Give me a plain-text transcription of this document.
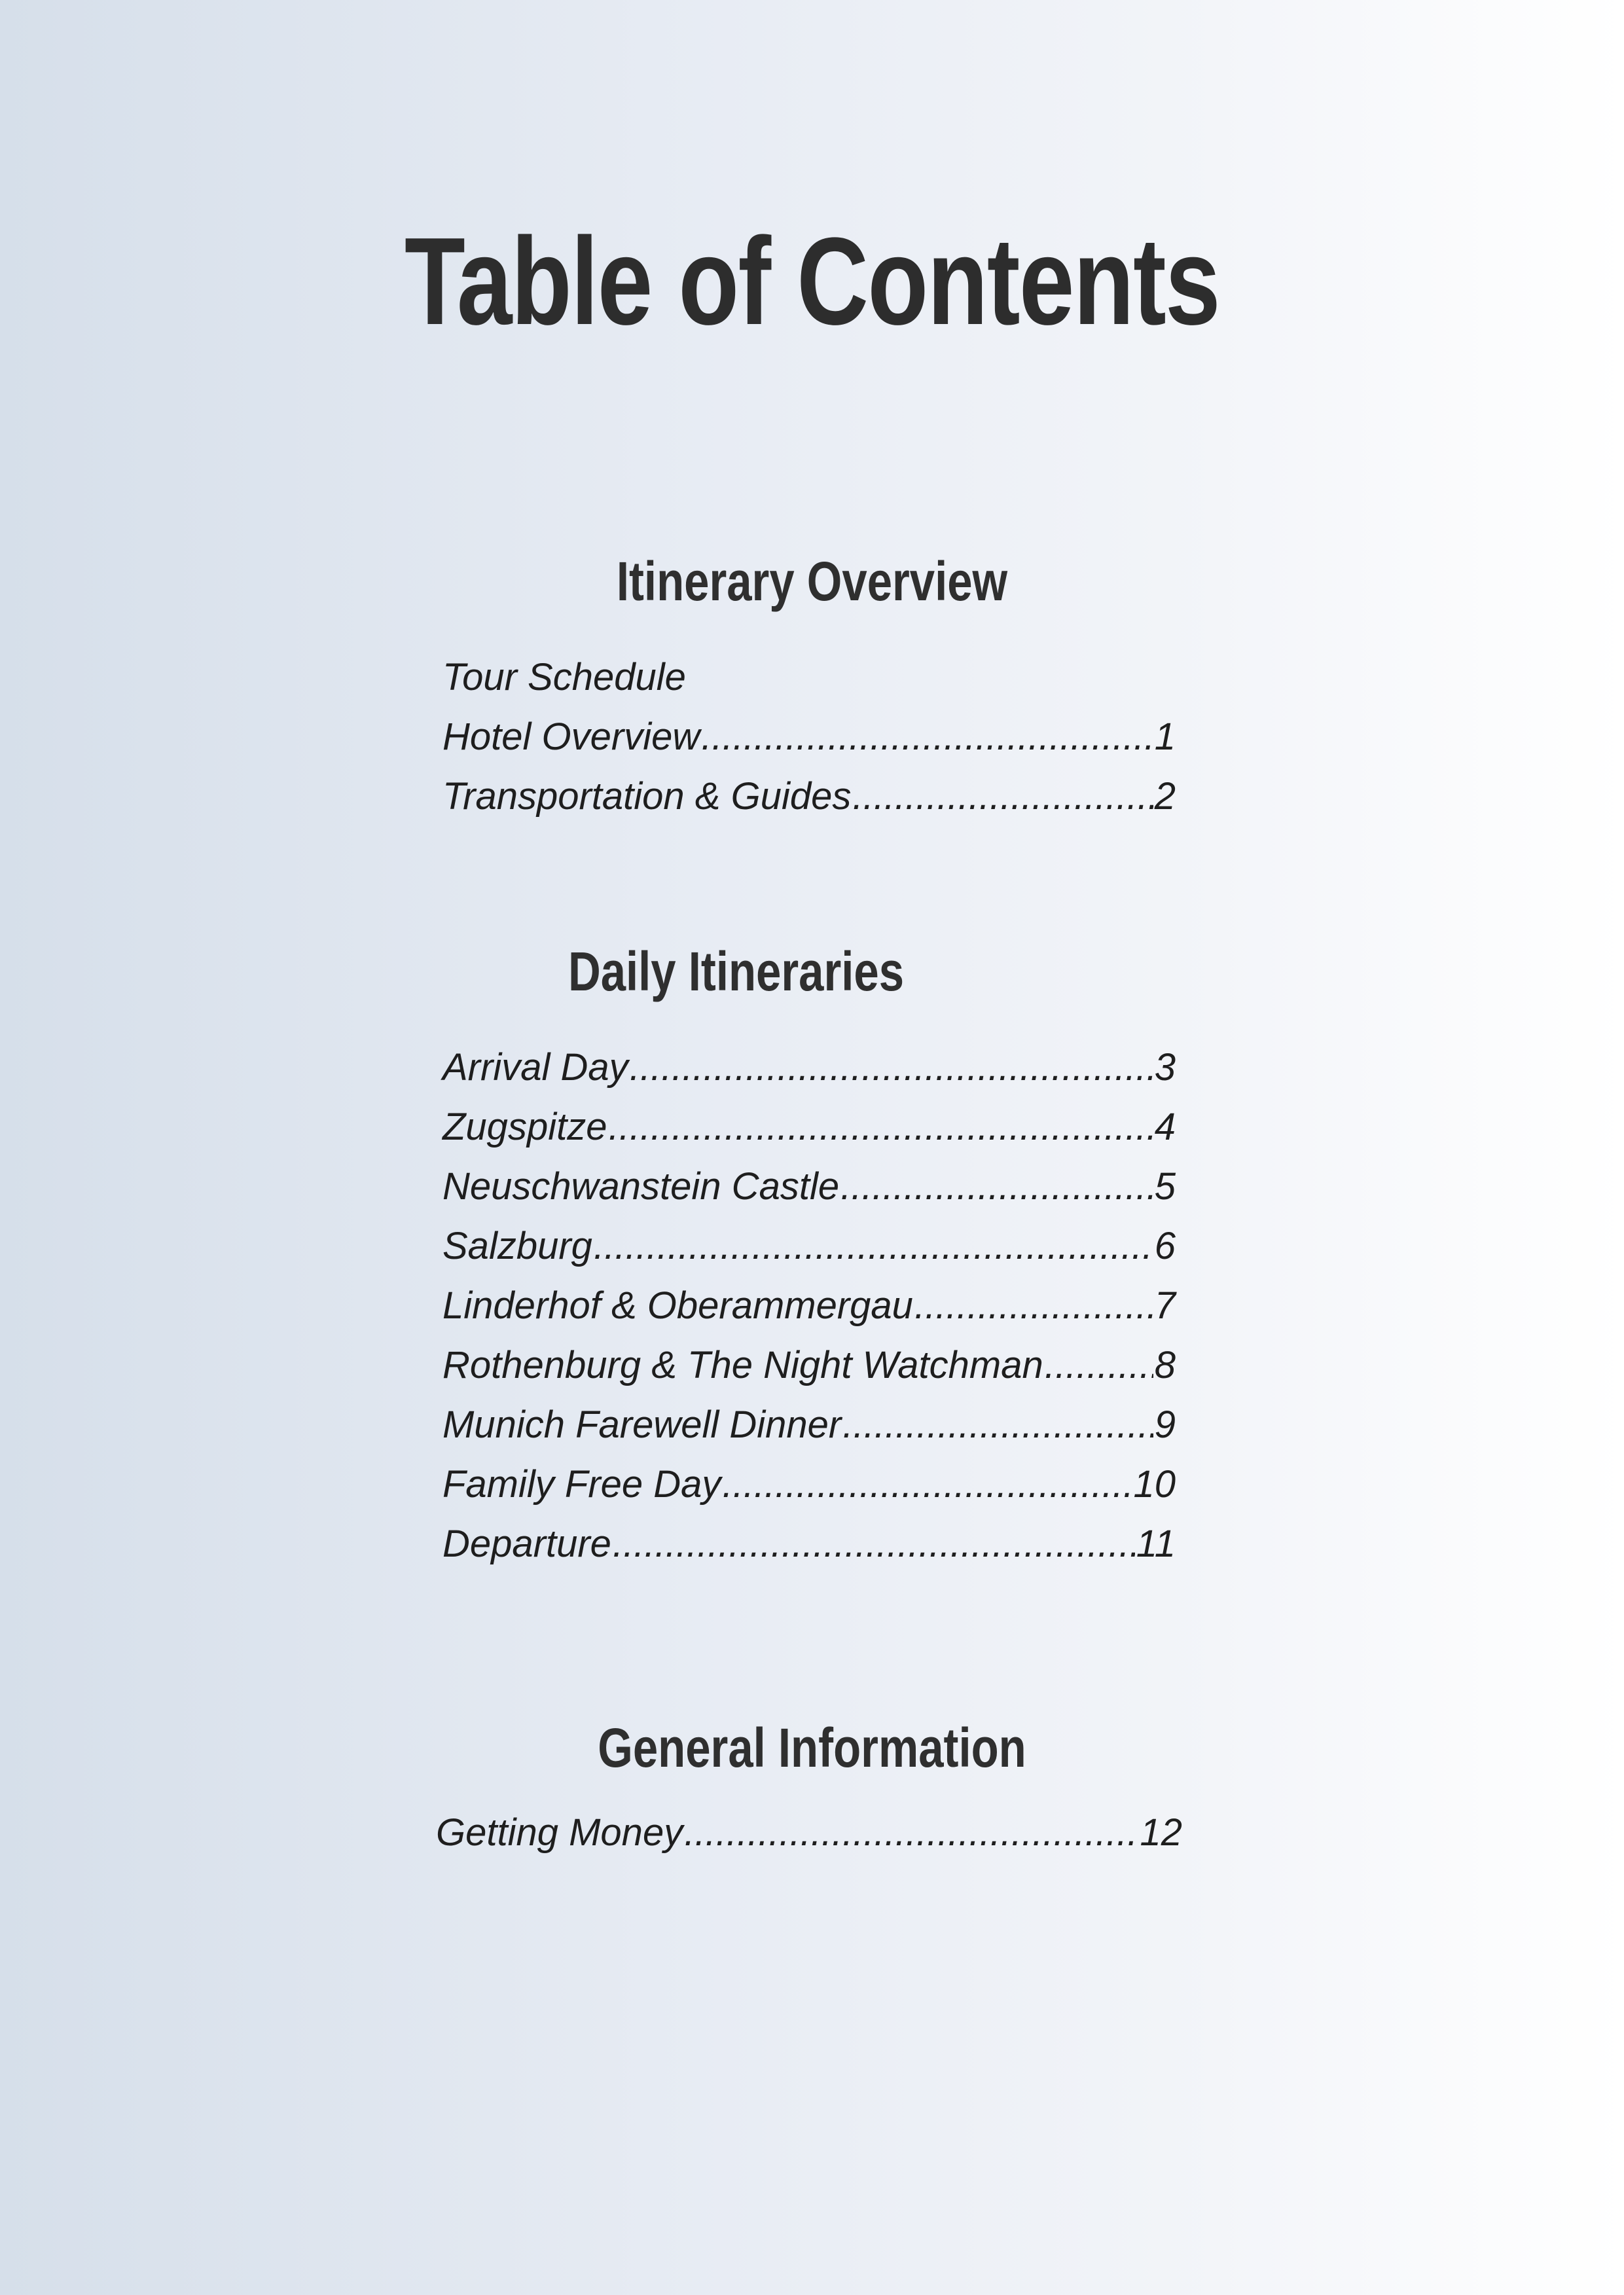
Table of Contents
Itinerary Overview
Tour Schedule
Hotel Overview .....	1
Transportation & Guides .....	2
Daily Itineraries
Arrival Day .....	3
Zugspitze .....	4
Neuschwanstein Castle .....	5
Salzburg .....	6
Linderhof & Oberammergau .....	7
Rothenburg & The Night Watchman .....	8
Munich Farewell Dinner .....	9
Family Free Day .....	10
Departure .....	11
General Information
Getting Money .....	12
